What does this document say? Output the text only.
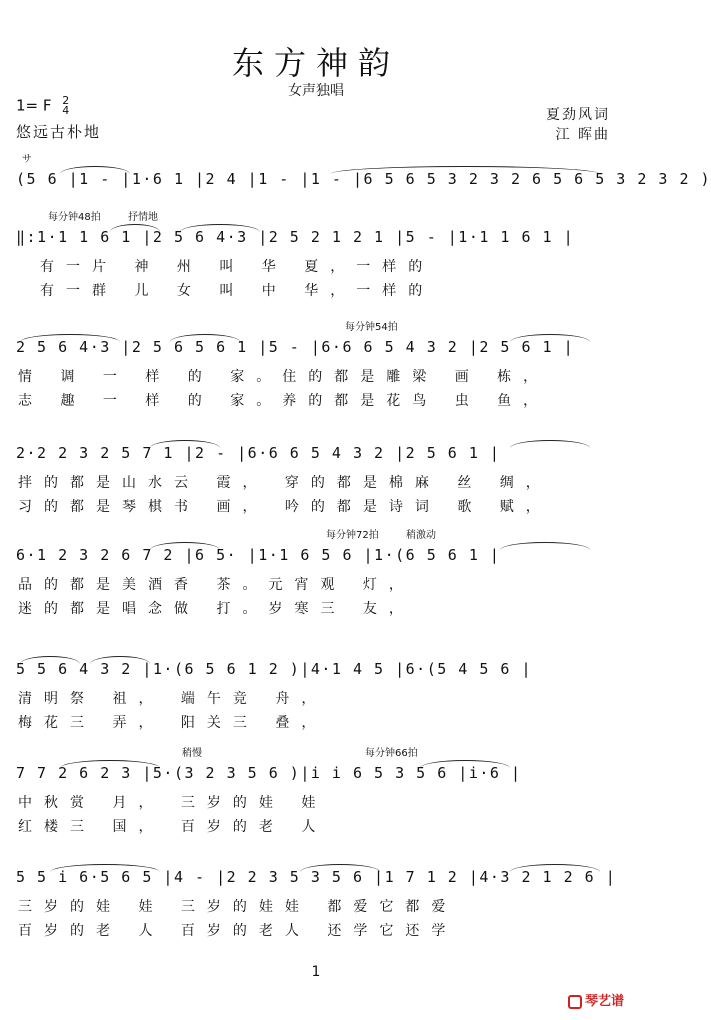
东方神韵
女声独唱
1= F 2
4
悠远古朴地
夏劲风词
江 晖曲
サ
(5 6 |1 - |1·6 1 |2 4 |1 - |1 - |6 5 6 5 3 2 3 2 6 5 6 5 3 2 3 2 )
每分钟48拍	抒情地
‖:1·1 1 6 1 |2 5 6 4·3 |2 5 2 1 2 1 |5 - |1·1 1 6 1 |
有一片 神 州 叫 华 夏，一样的
有一群 儿 女 叫 中 华，一样的
每分钟54拍
2 5 6 4·3 |2 5 6 5 6 1 |5 - |6·6 6 5 4 3 2 |2 5 6 1 |
情 调 一 样 的 家。住的都是雕梁 画 栋，
志 趣 一 样 的 家。养的都是花鸟 虫 鱼，
2·2 2 3 2 5 7 1 |2 - |6·6 6 5 4 3 2 |2 5 6 1 |
拌的都是山水云 霞， 穿的都是棉麻 丝 绸，
习的都是琴棋书 画， 吟的都是诗词 歌 赋，
每分钟72拍	稍激动
6·1 2 3 2 6 7 2 |6 5· |1·1 6 5 6 |1·(6 5 6 1 |
品的都是美酒香 茶。元宵观 灯，
迷的都是唱念做 打。岁寒三 友，
5 5 6 4 3 2 |1·(6 5 6 1 2 )|4·1 4 5 |6·(5 4 5 6 |
清明祭 祖， 端午竞 舟，
梅花三 弄， 阳关三 叠，
稍慢	每分钟66拍
7 7 2 6 2 3 |5·(3 2 3 5 6 )|i i 6 5 3 5 6 |i·6 |
中秋赏 月， 三岁的娃 娃
红楼三 国， 百岁的老 人
5 5 i 6·5 6 5 |4 - |2 2 3 5 3 5 6 |1 7 1 2 |4·3 2 1 2 6 |
三岁的娃 娃 三岁的娃娃 都爱它都爱
百岁的老 人 百岁的老人 还学它还学
1
琴艺谱
